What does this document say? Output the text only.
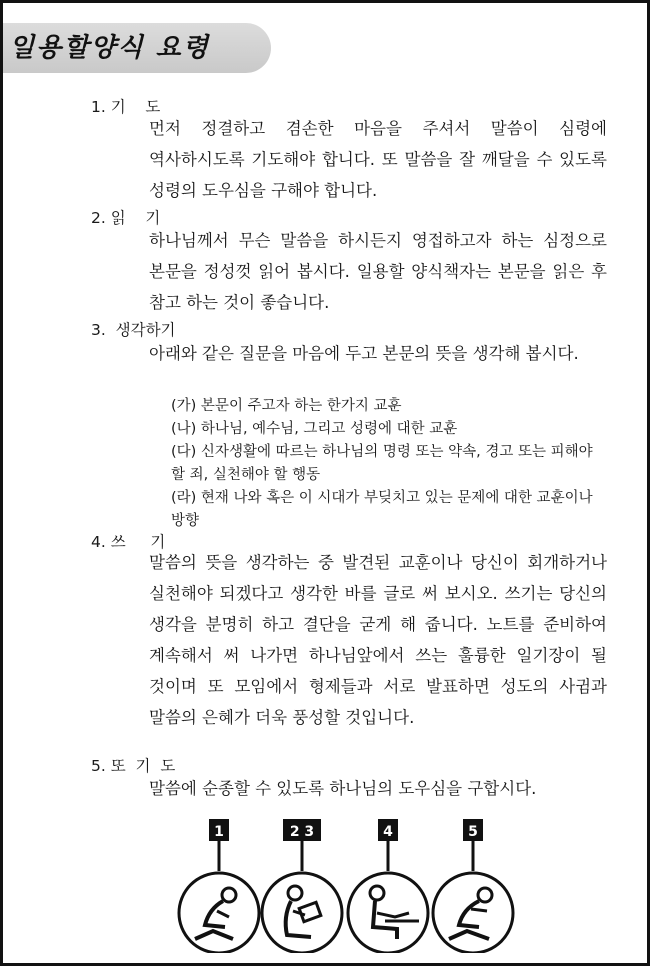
일용할양식 요령
1. 기    도
먼저 정결하고 겸손한 마음을 주셔서 말씀이 심령에 역사하시도록 기도해야 합니다. 또 말씀을 잘 깨달을 수 있도록 성령의 도우심을 구해야 합니다.
2. 읽    기
하나님께서 무슨 말씀을 하시든지 영접하고자 하는 심정으로 본문을 정성껏 읽어 봅시다. 일용할 양식책자는 본문을 읽은 후 참고 하는 것이 좋습니다.
3.  생각하기
아래와 같은 질문을 마음에 두고 본문의 뜻을 생각해 봅시다.
(가) 본문이 주고자 하는 한가지 교훈
(나) 하나님, 예수님, 그리고 성령에 대한 교훈
(다) 신자생활에 따르는 하나님의 명령 또는 약속, 경고 또는 피해야 할 죄, 실천해야 할 행동
(라) 현재 나와 혹은 이 시대가 부딪치고 있는 문제에 대한 교훈이나 방향
4. 쓰     기
말씀의 뜻을 생각하는 중 발견된 교훈이나 당신이 회개하거나 실천해야 되겠다고 생각한 바를 글로 써 보시오. 쓰기는 당신의 생각을 분명히 하고 결단을 굳게 해 줍니다. 노트를 준비하여 계속해서 써 나가면 하나님앞에서 쓰는 훌륭한 일기장이 될 것이며 또 모임에서 형제들과 서로 발표하면 성도의 사귐과 말씀의 은혜가 더욱 풍성할 것입니다.
5. 또  기  도
말씀에 순종할 수 있도록 하나님의 도우심을 구합시다.
1	2 3	4	5
